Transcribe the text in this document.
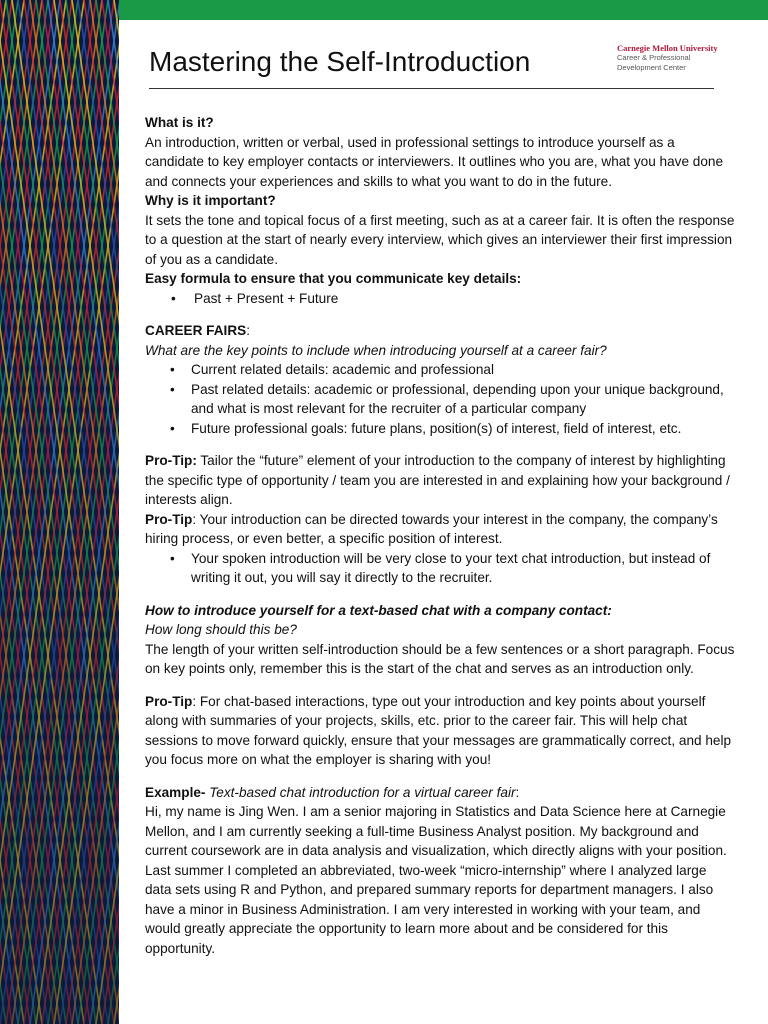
Mastering the Self-Introduction	Carnegie Mellon University
Career & Professional
Development Center

What is it?

An introduction, written or verbal, used in professional settings to introduce yourself as a candidate to key employer contacts or interviewers. It outlines who you are, what you have done and connects your experiences and skills to what you want to do in the future.

Why is it important?

It sets the tone and topical focus of a first meeting, such as at a career fair. It is often the response to a question at the start of nearly every interview, which gives an interviewer their first impression of you as a candidate.

Easy formula to ensure that you communicate key details:

• Past + Present + Future

CAREER FAIRS:

What are the key points to include when introducing yourself at a career fair?

• Current related details: academic and professional
• Past related details: academic or professional, depending upon your unique background, and what is most relevant for the recruiter of a particular company
• Future professional goals: future plans, position(s) of interest, field of interest, etc.

Pro-Tip: Tailor the “future” element of your introduction to the company of interest by highlighting the specific type of opportunity / team you are interested in and explaining how your background / interests align.

Pro-Tip: Your introduction can be directed towards your interest in the company, the company’s hiring process, or even better, a specific position of interest.

• Your spoken introduction will be very close to your text chat introduction, but instead of writing it out, you will say it directly to the recruiter.

How to introduce yourself for a text-based chat with a company contact:

How long should this be?

The length of your written self-introduction should be a few sentences or a short paragraph. Focus on key points only, remember this is the start of the chat and serves as an introduction only.

Pro-Tip: For chat-based interactions, type out your introduction and key points about yourself along with summaries of your projects, skills, etc. prior to the career fair. This will help chat sessions to move forward quickly, ensure that your messages are grammatically correct, and help you focus more on what the employer is sharing with you!

Example- Text-based chat introduction for a virtual career fair:

Hi, my name is Jing Wen. I am a senior majoring in Statistics and Data Science here at Carnegie Mellon, and I am currently seeking a full-time Business Analyst position. My background and current coursework are in data analysis and visualization, which directly aligns with your position. Last summer I completed an abbreviated, two-week “micro-internship” where I analyzed large data sets using R and Python, and prepared summary reports for department managers. I also have a minor in Business Administration. I am very interested in working with your team, and would greatly appreciate the opportunity to learn more about and be considered for this opportunity.
